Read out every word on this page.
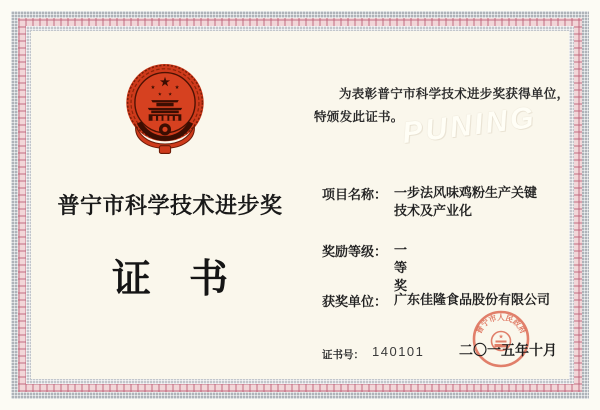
PUNING
普宁市科学技术进步奖
证 书
为表彰普宁市科学技术进步奖获得单位，特颁发此证书。
项目名称： 一步法风味鸡粉生产关键技术及产业化
奖励等级： 一等奖
获奖单位： 广东佳隆食品股份有限公司
证书号： 140101
普宁市人民政府
二〇一五年十月
